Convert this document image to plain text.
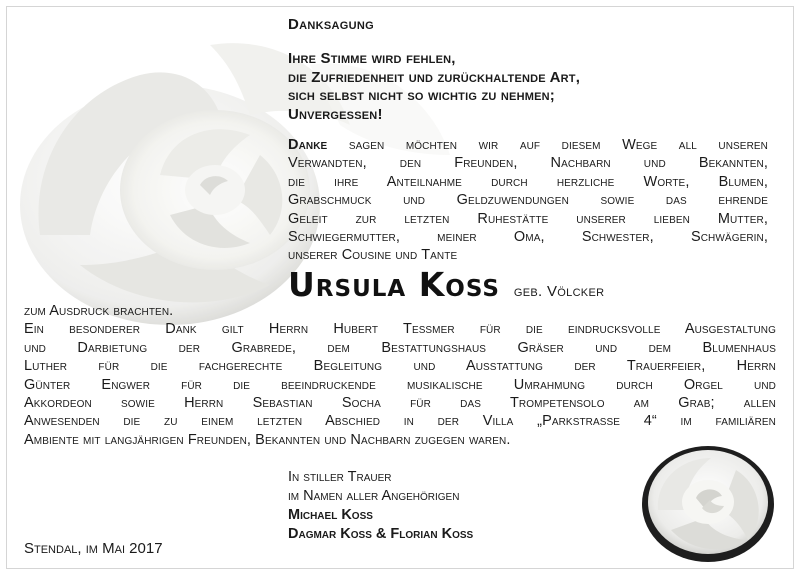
Danksagung
Ihre Stimme wird fehlen,
die Zufriedenheit und zurückhaltende Art,
sich selbst nicht so wichtig zu nehmen;
Unvergessen!
Danke sagen möchten wir auf diesem Wege all unseren
Verwandten, den Freunden, Nachbarn und Bekannten,
die ihre Anteilnahme durch herzliche Worte, Blumen,
Grabschmuck und Geldzuwendungen sowie das ehrende
Geleit zur letzten Ruhestätte unserer lieben Mutter,
Schwiegermutter, meiner Oma, Schwester, Schwägerin,
unserer Cousine und Tante
Ursula Koss geb. Völcker
zum Ausdruck brachten.
Ein besonderer Dank gilt Herrn Hubert Teßmer für die eindrucksvolle Ausgestaltung
und Darbietung der Grabrede, dem Bestattungshaus Gräser und dem Blumenhaus
Luther für die fachgerechte Begleitung und Ausstattung der Trauerfeier, Herrn
Günter Engwer für die beeindruckende musikalische Umrahmung durch Orgel und
Akkordeon sowie Herrn Sebastian Socha für das Trompetensolo am Grab; allen
Anwesenden die zu einem letzten Abschied in der Villa „Parkstrasse 4“ im familiären
Ambiente mit langjährigen Freunden, Bekannten und Nachbarn zugegen waren.
In stiller Trauer
im Namen aller Angehörigen
Michael Koss
Dagmar Koss & Florian Koss
Stendal, im Mai 2017
